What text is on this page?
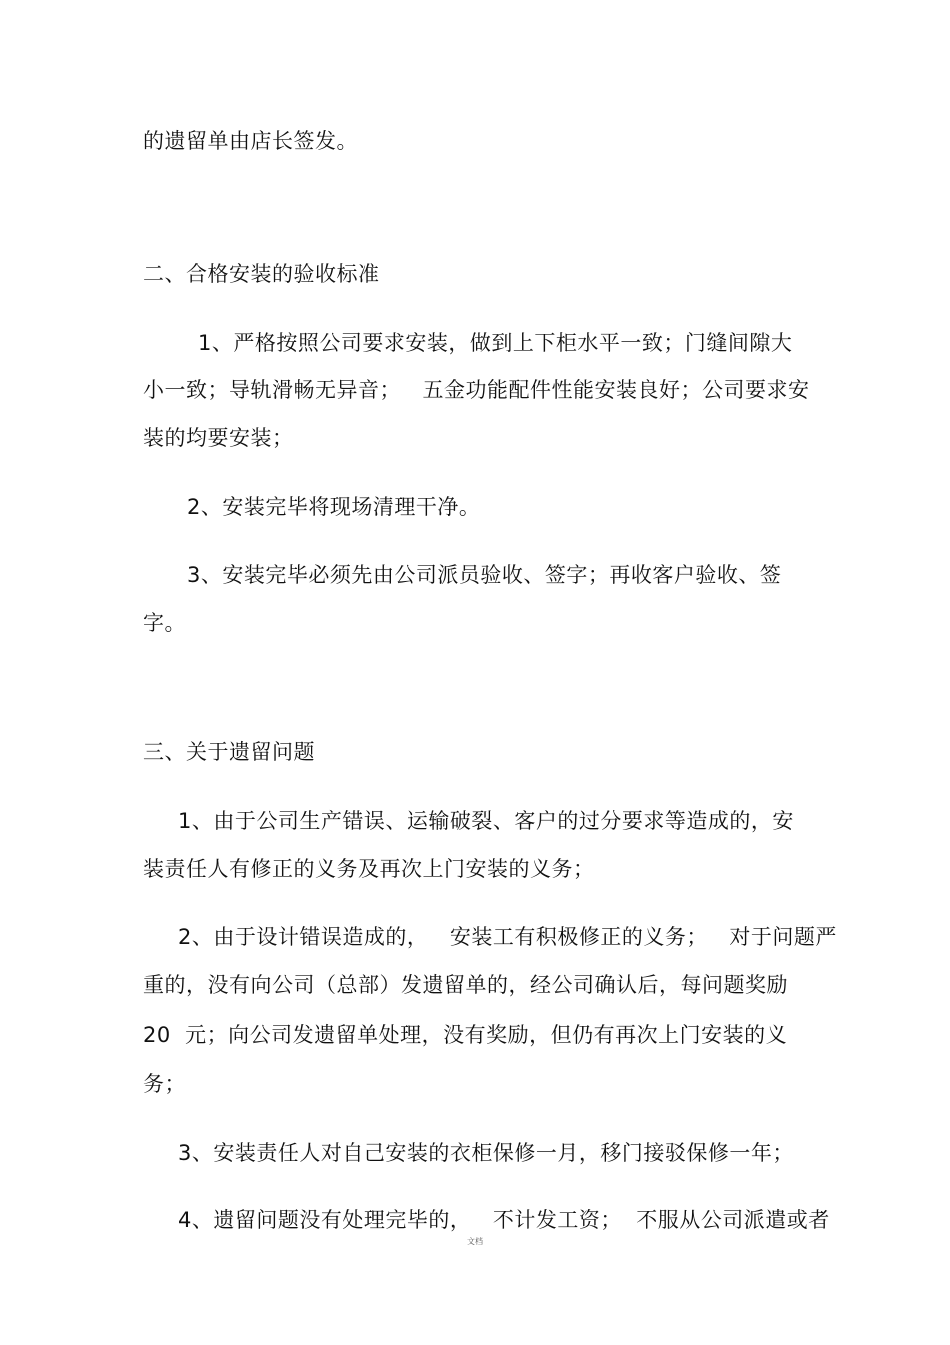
的遗留单由店长签发。
二、合格安装的验收标准
1、严格按照公司要求安装，做到上下柜水平一致；门缝间隙大
小一致；导轨滑畅无异音；   五金功能配件性能安装良好；公司要求安
装的均要安装；
2、安装完毕将现场清理干净。
3、安装完毕必须先由公司派员验收、签字；再收客户验收、签
字。
三、关于遗留问题
1、由于公司生产错误、运输破裂、客户的过分要求等造成的，安
装责任人有修正的义务及再次上门安装的义务；
2、由于设计错误造成的，   安装工有积极修正的义务；   对于问题严
重的，没有向公司（总部）发遗留单的，经公司确认后，每问题奖励
20  元；向公司发遗留单处理，没有奖励，但仍有再次上门安装的义
务；
3、安装责任人对自己安装的衣柜保修一月，移门接驳保修一年；
4、遗留问题没有处理完毕的，   不计发工资；  不服从公司派遣或者
文档
